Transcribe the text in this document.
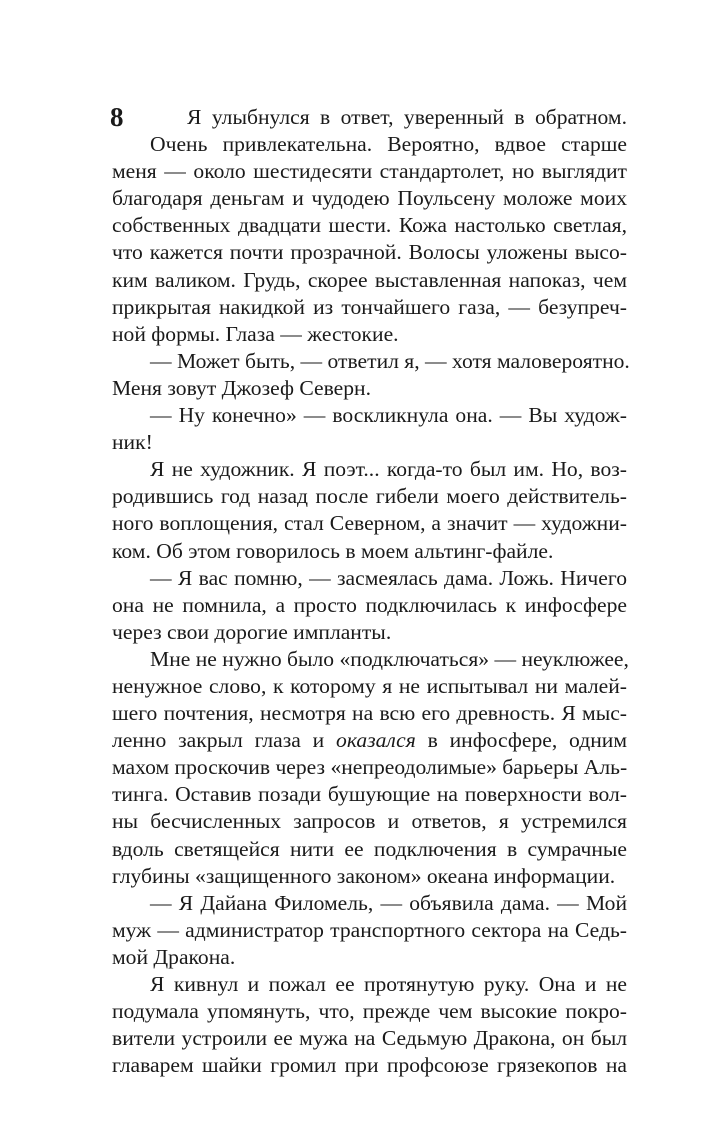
8	Я улыбнулся в ответ, уверенный в обратном.
Очень привлекательна. Вероятно, вдвое старше
меня — около шестидесяти стандартолет, но выглядит
благодаря деньгам и чудодею Поульсену моложе моих
собственных двадцати шести. Кожа настолько светлая,
что кажется почти прозрачной. Волосы уложены высо-
ким валиком. Грудь, скорее выставленная напоказ, чем
прикрытая накидкой из тончайшего газа, — безупреч-
ной формы. Глаза — жестокие.
— Может быть, — ответил я, — хотя маловероятно.
Меня зовут Джозеф Северн.
— Ну конечно» — воскликнула она. — Вы худож-
ник!
Я не художник. Я поэт... когда-то был им. Но, воз-
родившись год назад после гибели моего действитель-
ного воплощения, стал Северном, а значит — художни-
ком. Об этом говорилось в моем альтинг-файле.
— Я вас помню, — засмеялась дама. Ложь. Ничего
она не помнила, а просто подключилась к инфосфере
через свои дорогие импланты.
Мне не нужно было «подключаться» — неуклюжее,
ненужное слово, к которому я не испытывал ни малей-
шего почтения, несмотря на всю его древность. Я мыс-
ленно закрыл глаза и оказался в инфосфере, одним
махом проскочив через «непреодолимые» барьеры Аль-
тинга. Оставив позади бушующие на поверхности вол-
ны бесчисленных запросов и ответов, я устремился
вдоль светящейся нити ее подключения в сумрачные
глубины «защищенного законом» океана информации.
— Я Дайана Филомель, — объявила дама. — Мой
муж — администратор транспортного сектора на Седь-
мой Дракона.
Я кивнул и пожал ее протянутую руку. Она и не
подумала упомянуть, что, прежде чем высокие покро-
вители устроили ее мужа на Седьмую Дракона, он был
главарем шайки громил при профсоюзе грязекопов на
